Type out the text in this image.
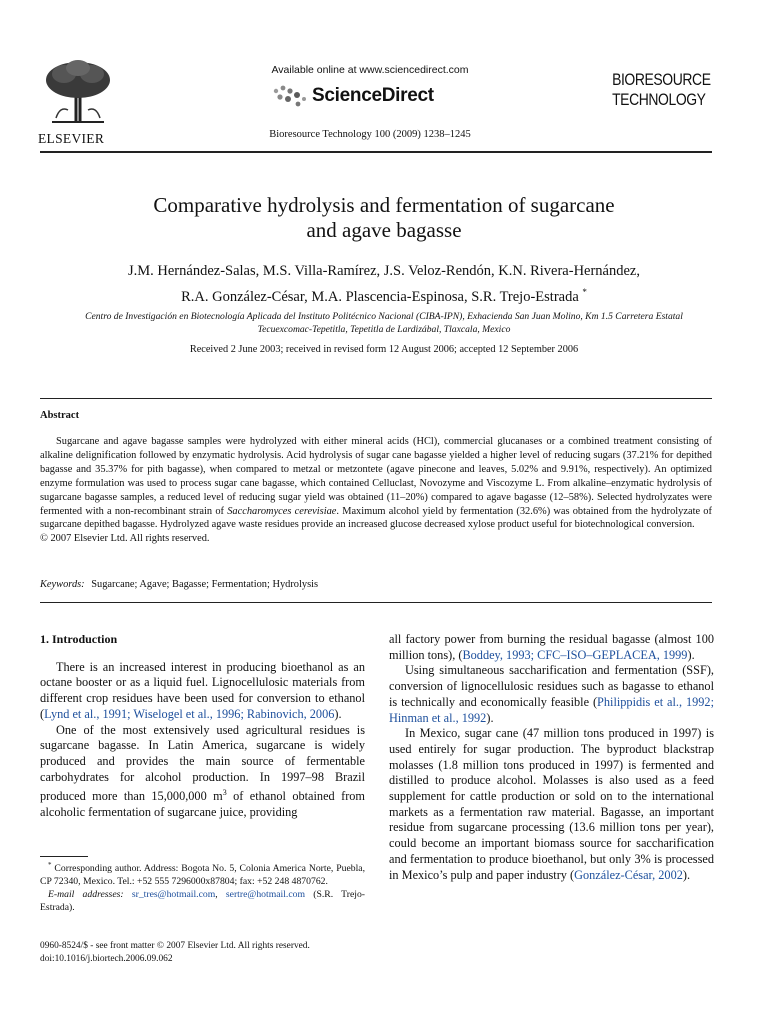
ELSEVIER
Available online at www.sciencedirect.com
ScienceDirect
Bioresource Technology 100 (2009) 1238–1245
BIORESOURCE
TECHNOLOGY
Comparative hydrolysis and fermentation of sugarcane
and agave bagasse
J.M. Hernández-Salas, M.S. Villa-Ramírez, J.S. Veloz-Rendón, K.N. Rivera-Hernández,
R.A. González-César, M.A. Plascencia-Espinosa, S.R. Trejo-Estrada *
Centro de Investigación en Biotecnología Aplicada del Instituto Politécnico Nacional (CIBA-IPN), Exhacienda San Juan Molino, Km 1.5 Carretera Estatal
Tecuexcomac-Tepetitla, Tepetitla de Lardizábal, Tlaxcala, Mexico
Received 2 June 2003; received in revised form 12 August 2006; accepted 12 September 2006
Abstract
Sugarcane and agave bagasse samples were hydrolyzed with either mineral acids (HCl), commercial glucanases or a combined treatment consisting of alkaline delignification followed by enzymatic hydrolysis. Acid hydrolysis of sugar cane bagasse yielded a higher level of reducing sugars (37.21% for depithed bagasse and 35.37% for pith bagasse), when compared to metzal or metzontete (agave pinecone and leaves, 5.02% and 9.91%, respectively). An optimized enzyme formulation was used to process sugar cane bagasse, which contained Celluclast, Novozyme and Viscozyme L. From alkaline–enzymatic hydrolysis of sugarcane bagasse samples, a reduced level of reducing sugar yield was obtained (11–20%) compared to agave bagasse (12–58%). Selected hydrolyzates were fermented with a non-recombinant strain of Saccharomyces cerevisiae. Maximum alcohol yield by fermentation (32.6%) was obtained from the hydrolyzate of sugarcane depithed bagasse. Hydrolyzed agave waste residues provide an increased glucose decreased xylose product useful for biotechnological conversion.
© 2007 Elsevier Ltd. All rights reserved.
Keywords: Sugarcane; Agave; Bagasse; Fermentation; Hydrolysis
1. Introduction

There is an increased interest in producing bioethanol as an octane booster or as a liquid fuel. Lignocellulosic materials from different crop residues have been used for conversion to ethanol (Lynd et al., 1991; Wiselogel et al., 1996; Rabinovich, 2006).

One of the most extensively used agricultural residues is sugarcane bagasse. In Latin America, sugarcane is widely produced and provides the main source of fermentable carbohydrates for alcohol production. In 1997–98 Brazil produced more than 15,000,000 $m^3$ of ethanol obtained from alcoholic fermentation of sugarcane juice, providing

* Corresponding author. Address: Bogota No. 5, Colonia America Norte, Puebla, CP 72340, Mexico. Tel.: +52 555 7296000x87804; fax: +52 248 4870762.
E-mail addresses: sr_tres@hotmail.com, sertre@hotmail.com (S.R. Trejo-Estrada).
0960-8524/$ - see front matter © 2007 Elsevier Ltd. All rights reserved.
doi:10.1016/j.biortech.2006.09.062

all factory power from burning the residual bagasse (almost 100 million tons), (Boddey, 1993; CFC–ISO–GEPLACEA, 1999).

Using simultaneous saccharification and fermentation (SSF), conversion of lignocellulosic residues such as bagasse to ethanol is technically and economically feasible (Philippidis et al., 1992; Hinman et al., 1992).

In Mexico, sugar cane (47 million tons produced in 1997) is used entirely for sugar production. The byproduct blackstrap molasses (1.8 million tons produced in 1997) is fermented and distilled to produce alcohol. Molasses is also used as a feed supplement for cattle production or sold on to the international markets as a fermentation raw material. Bagasse, an important residue from sugarcane processing (13.6 million tons per year), could become an important biomass source for saccharification and fermentation to produce bioethanol, but only 3% is processed in Mexico’s pulp and paper industry (González-César, 2002).
